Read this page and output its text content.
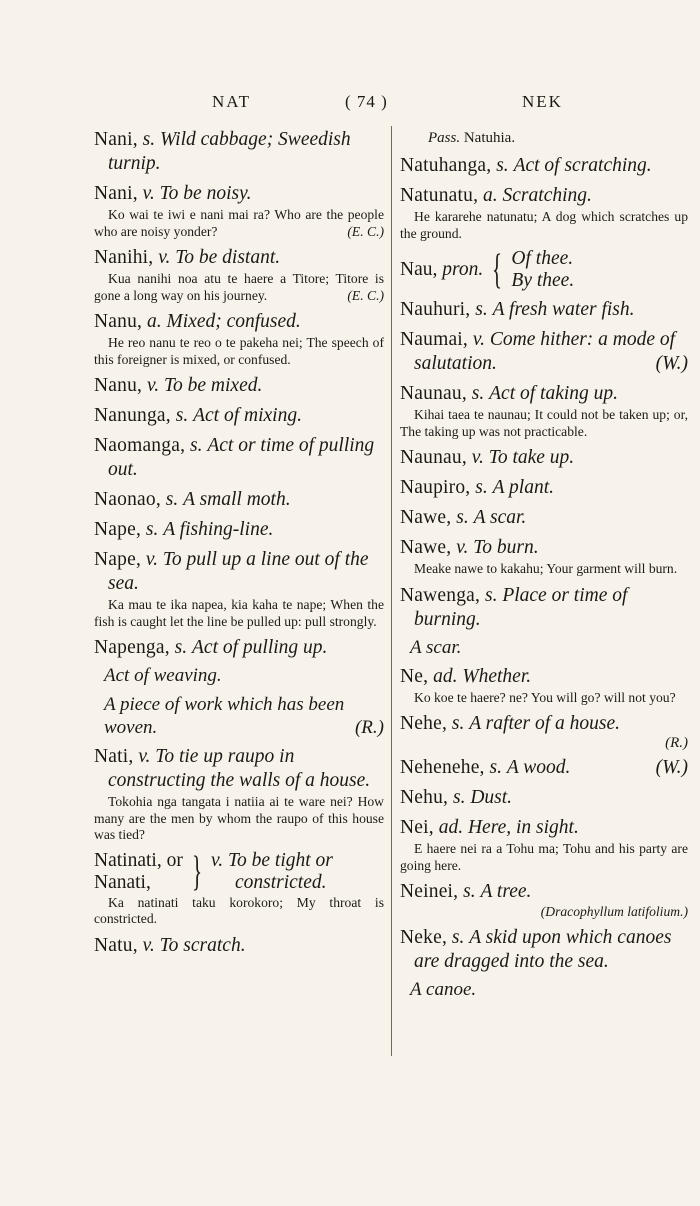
NAT	( 74 )	NEK
Nani, s. Wild cabbage; Sweedish turnip.
Nani, v. To be noisy.
Ko wai te iwi e nani mai ra? Who are the people who are noisy yonder?	(E. C.)
Nanihi, v. To be distant.
Kua nanihi noa atu te haere a Titore; Titore is gone a long way on his journey.	(E. C.)
Nanu, a. Mixed; confused.
He reo nanu te reo o te pakeha nei; The speech of this foreigner is mixed, or confused.
Nanu, v. To be mixed.
Nanunga, s. Act of mixing.
Naomanga, s. Act or time of pulling out.
Naonao, s. A small moth.
Nape, s. A fishing-line.
Nape, v. To pull up a line out of the sea.
Ka mau te ika napea, kia kaha te nape; When the fish is caught let the line be pulled up: pull strongly.
Napenga, s. Act of pulling up.
Act of weaving.
A piece of work which has been woven.	(R.)
Nati, v. To tie up raupo in constructing the walls of a house.
Tokohia nga tangata i natiia ai te ware nei? How many are the men by whom the raupo of this house was tied?
Natinati, or
Nanati, } v. To be tight or
constricted.
Ka natinati taku korokoro; My throat is constricted.
Natu, v. To scratch.
Pass. Natuhia.
Natuhanga, s. Act of scratching.
Natunatu, a. Scratching.
He kararehe natunatu; A dog which scratches up the ground.
Nau,
pron. { Of thee.
By thee.
Nauhuri, s. A fresh water fish.
Naumai, v. Come hither: a mode of salutation.	(W.)
Naunau, s. Act of taking up.
Kihai taea te naunau; It could not be taken up; or, The taking up was not practicable.
Naunau, v. To take up.
Naupiro, s. A plant.
Nawe, s. A scar.
Nawe, v. To burn.
Meake nawe to kakahu; Your garment will burn.
Nawenga, s. Place or time of burning.
A scar.
Ne, ad. Whether.
Ko koe te haere? ne? You will go? will not you?
Nehe, s. A rafter of a house.
(R.)
Nehenehe, s. A wood.	(W.)
Nehu, s. Dust.
Nei, ad. Here, in sight.
E haere nei ra a Tohu ma; Tohu and his party are going here.
Neinei, s. A tree.
(Dracophyllum latifolium.)
Neke, s. A skid upon which canoes are dragged into the sea.
A canoe.
